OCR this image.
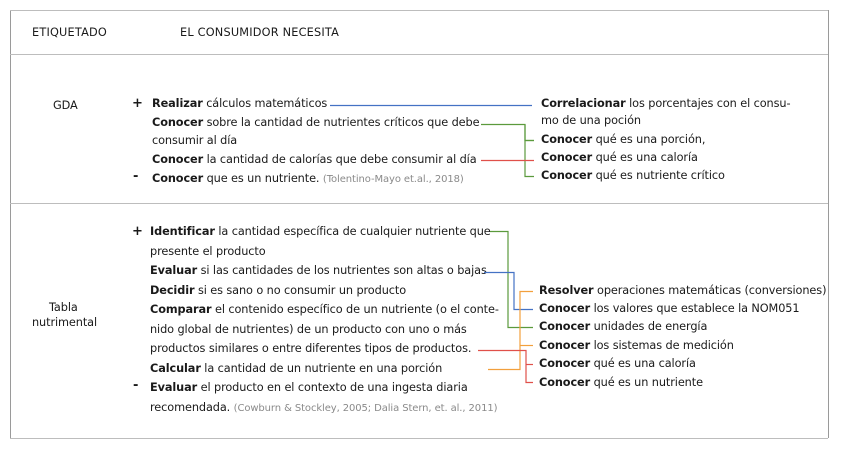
ETIQUETADO	EL CONSUMIDOR NECESITA
GDA	+
-
Realizar cálculos matemáticos
Conocer sobre la cantidad de nutrientes críticos que debe
consumir al día
Conocer la cantidad de calorías que debe consumir al día
Conocer que es un nutriente. (Tolentino-Mayo et.al., 2018)
Correlacionar los porcentajes con el consu-
mo de una poción
Conocer qué es una porción,
Conocer qué es una caloría
Conocer qué es nutriente crítico
Tabla
nutrimental
+
-
Identificar la cantidad específica de cualquier nutriente que
presente el producto
Evaluar si las cantidades de los nutrientes son altas o bajas
Decidir si es sano o no consumir un producto
Comparar el contenido específico de un nutriente (o el conte-
nido global de nutrientes) de un producto con uno o más
productos similares o entre diferentes tipos de productos.
Calcular la cantidad de un nutriente en una porción
Evaluar el producto en el contexto de una ingesta diaria
recomendada. (Cowburn & Stockley, 2005; Dalia Stern, et. al., 2011)
Resolver operaciones matemáticas (conversiones)
Conocer los valores que establece la NOM051
Conocer unidades de energía
Conocer los sistemas de medición
Conocer qué es una caloría
Conocer qué es un nutriente
